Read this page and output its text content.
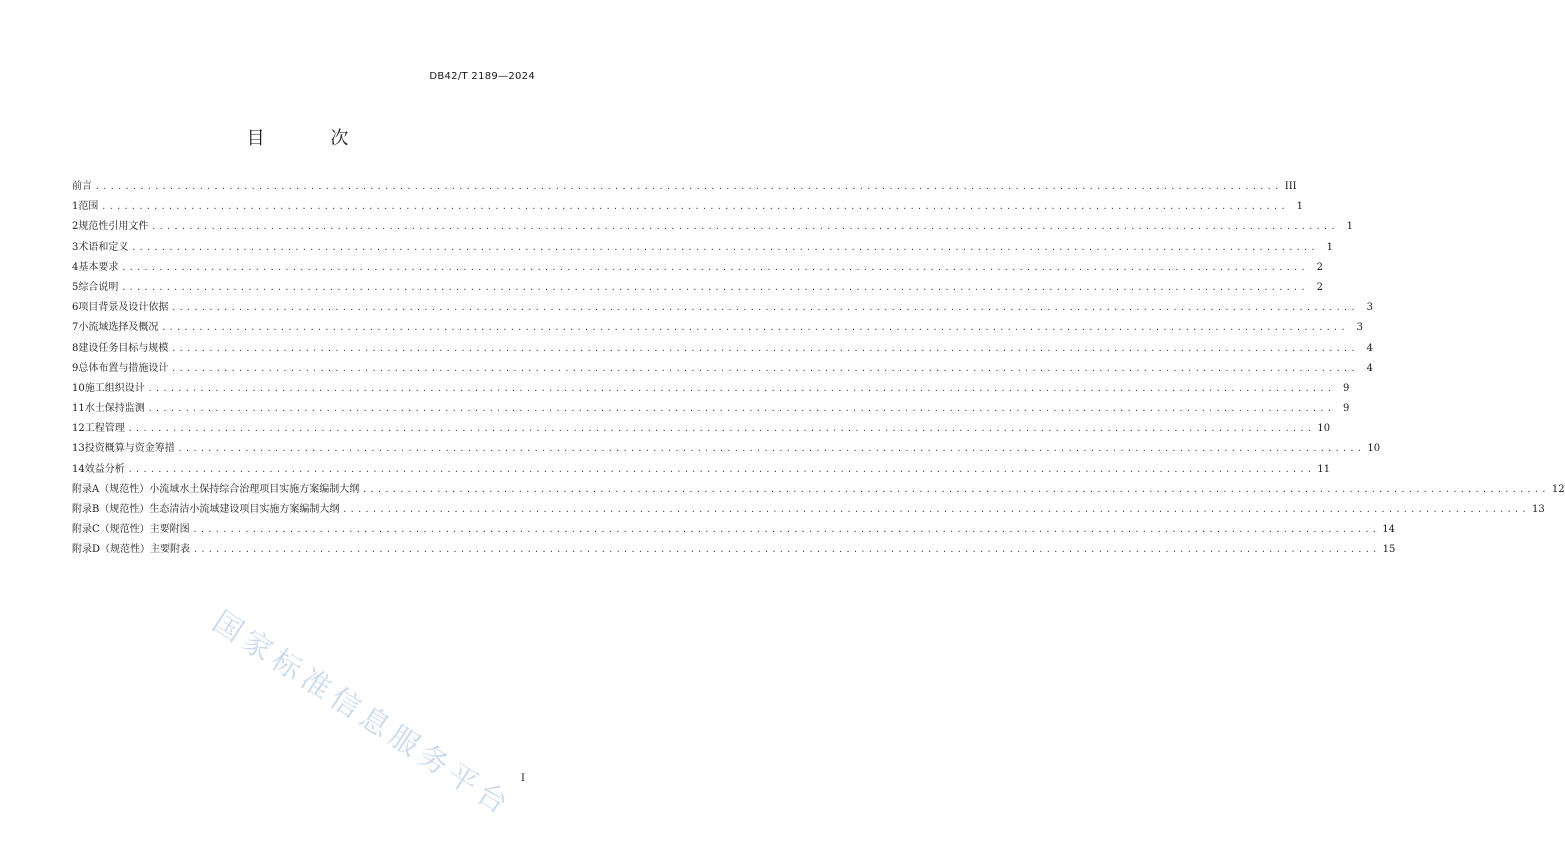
DB42/T 2189—2024
目 次
前言 ................................................................................................................................................................ III
1 范围 ................................................................................................................................................................ 1
2 规范性引用文件 ................................................................................................................................................................ 1
3 术语和定义 ................................................................................................................................................................ 1
4 基本要求 ................................................................................................................................................................ 2
5 综合说明 ................................................................................................................................................................ 2
6 项目背景及设计依据 ................................................................................................................................................................ 3
7 小流域选择及概况 ................................................................................................................................................................ 3
8 建设任务目标与规模 ................................................................................................................................................................ 4
9 总体布置与措施设计 ................................................................................................................................................................ 4
10 施工组织设计 ................................................................................................................................................................ 9
11 水土保持监测 ................................................................................................................................................................ 9
12 工程管理 ................................................................................................................................................................ 10
13 投资概算与资金筹措 ................................................................................................................................................................ 10
14 效益分析 ................................................................................................................................................................ 11
附录A（规范性） 小流域水土保持综合治理项目实施方案编制大纲 ................................................................................................................................................................ 12
附录B（规范性） 生态清洁小流域建设项目实施方案编制大纲 ................................................................................................................................................................ 13
附录C（规范性） 主要附图 ................................................................................................................................................................ 14
附录D（规范性） 主要附表 ................................................................................................................................................................ 15
国家标准信息服务平台 I
